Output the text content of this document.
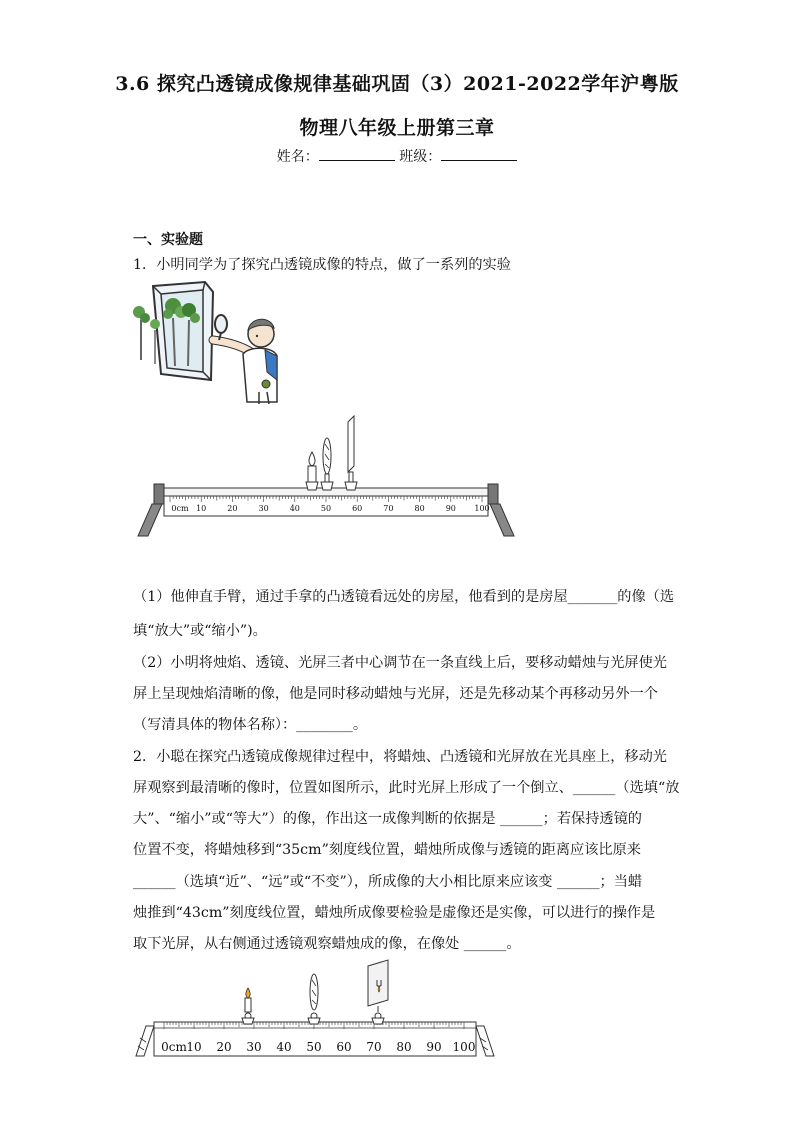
3.6 探究凸透镜成像规律基础巩固（3）2021-2022学年沪粤版
物理八年级上册第三章
姓名：	班级：
一、实验题
1．小明同学为了探究凸透镜成像的特点，做了一系列的实验
0cm 10	20	30	40	50	60	70	80	90 100
（1）他伸直手臂，通过手拿的凸透镜看远处的房屋，他看到的是房屋_______的像（选
填“放大”或“缩小”)。
（2）小明将烛焰、透镜、光屏三者中心调节在一条直线上后，要移动蜡烛与光屏使光
屏上呈现烛焰清晰的像，他是同时移动蜡烛与光屏，还是先移动某个再移动另外一个
（写清具体的物体名称）：________。
2．小聪在探究凸透镜成像规律过程中，将蜡烛、凸透镜和光屏放在光具座上，移动光
屏观察到最清晰的像时，位置如图所示，此时光屏上形成了一个倒立、______（选填“放
大”、“缩小”或“等大”）的像，作出这一成像判断的依据是 ______；若保持透镜的
位置不变，将蜡烛移到“35cm”刻度线位置，蜡烛所成像与透镜的距离应该比原来
______（选填“近”、“远”或“不变”），所成像的大小相比原来应该变 ______；当蜡
烛推到“43cm”刻度线位置，蜡烛所成像要检验是虚像还是实像，可以进行的操作是
取下光屏，从右侧通过透镜观察蜡烛成的像，在像处 ______。
0cm 10 20 30 40 50 60 70 80 90 100
